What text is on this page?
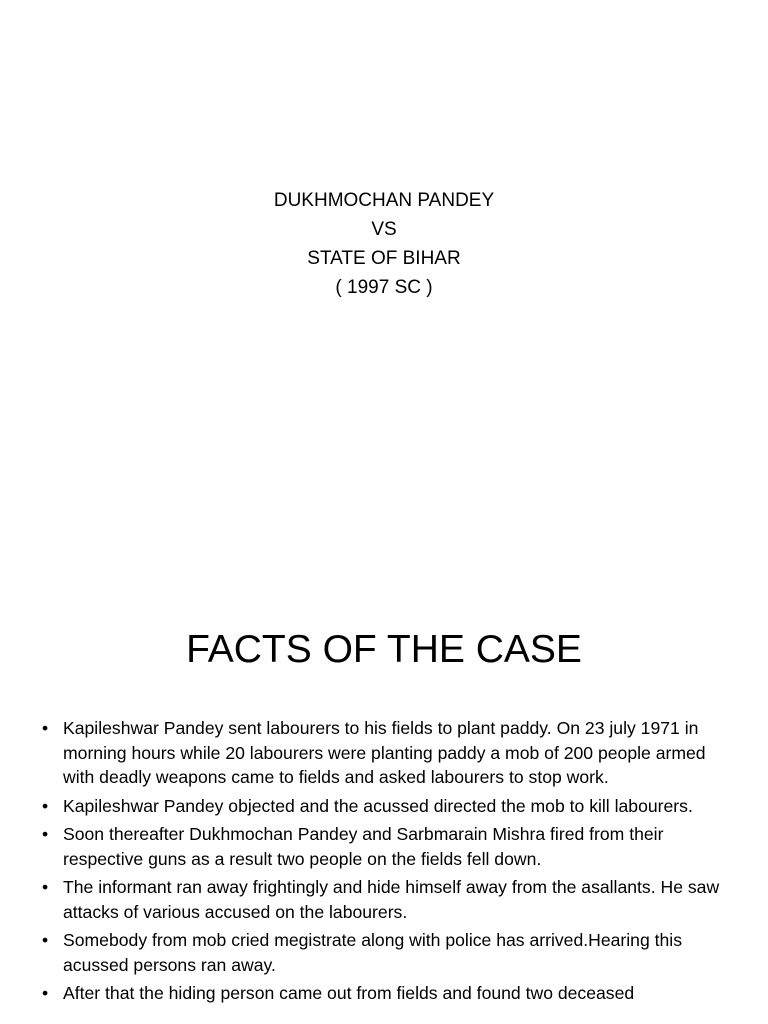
DUKHMOCHAN PANDEY
VS
STATE OF BIHAR
( 1997 SC )
FACTS OF THE CASE
• Kapileshwar Pandey sent labourers to his fields to plant paddy. On 23 july 1971 in morning hours while 20 labourers were planting paddy a mob of 200 people armed with deadly weapons came to fields and asked labourers to stop work.
• Kapileshwar Pandey objected and the acussed directed the mob to kill labourers.
• Soon thereafter Dukhmochan Pandey and Sarbmarain Mishra fired from their respective guns as a result two people on the fields fell down.
• The informant ran away frightingly and hide himself away from the asallants. He saw attacks of various accused on the labourers.
• Somebody from mob cried megistrate along with police has arrived.Hearing this acussed persons ran away.
• After that the hiding person came out from fields and found two deceased
